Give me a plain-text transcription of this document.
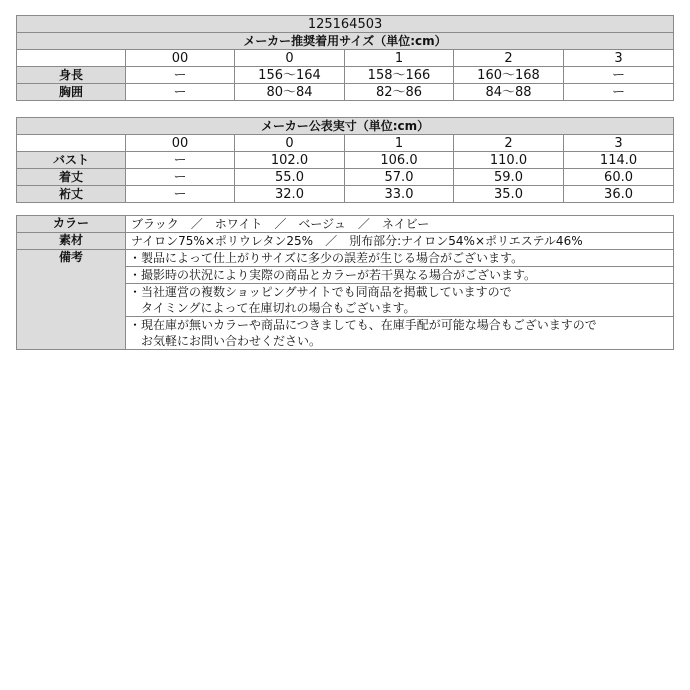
125164503					
メーカー推奨着用サイズ（単位:cm）					
	00	0	1	2	3
身長	ー	156～164	158～166	160～168	ー
胸囲	ー	80～84	82～86	84～88	ー
メーカー公表実寸（単位:cm）					
	00	0	1	2	3
バスト	ー	102.0	106.0	110.0	114.0
着丈	ー	55.0	57.0	59.0	60.0
裄丈	ー	32.0	33.0	35.0	36.0
カラー	ブラック　／　ホワイト　／　ベージュ　／　ネイビー
素材	ナイロン75%×ポリウレタン25%　／　別布部分:ナイロン54%×ポリエステル46%
備考	・製品によって仕上がりサイズに多少の誤差が生じる場合がございます。
	・撮影時の状況により実際の商品とカラーが若干異なる場合がございます。

	・当社運営の複数ショッピングサイトでも同商品を掲載していますので
タイミングによって在庫切れの場合もございます。

	・現在庫が無いカラーや商品につきましても、在庫手配が可能な場合もございますので
お気軽にお問い合わせください。
